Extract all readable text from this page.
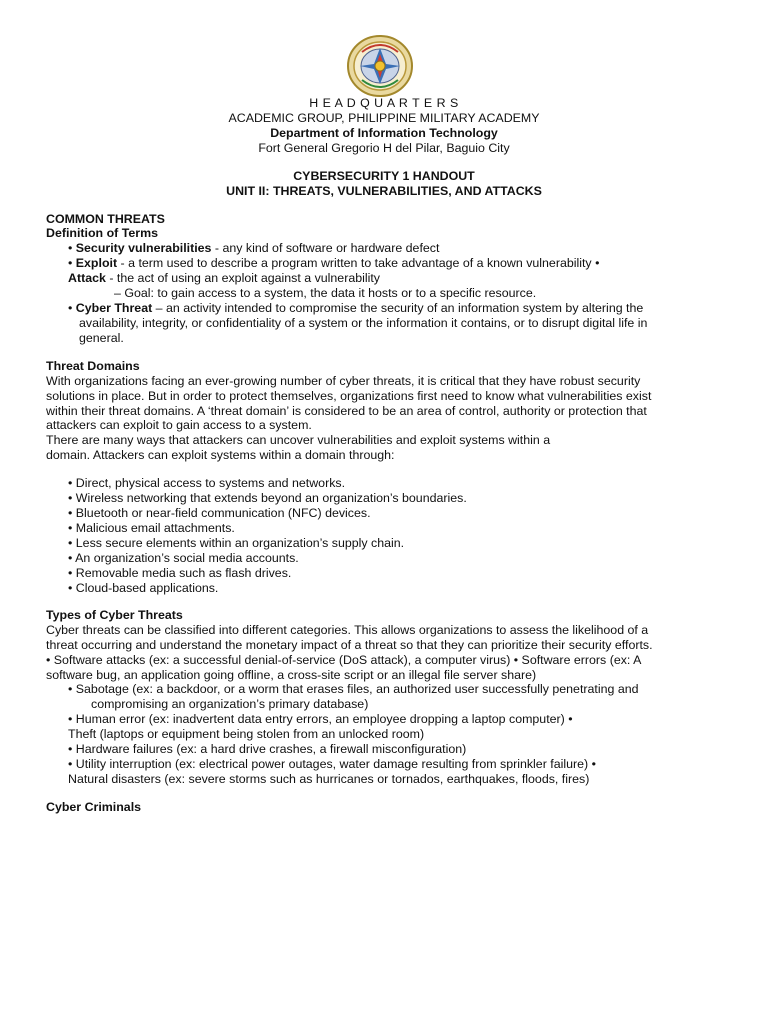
H E A D Q U A R T E R S
ACADEMIC GROUP, PHILIPPINE MILITARY ACADEMY
Department of Information Technology
Fort General Gregorio H del Pilar, Baguio City
CYBERSECURITY 1 HANDOUT
UNIT II: THREATS, VULNERABILITIES, AND ATTACKS
COMMON THREATS
Definition of Terms
• Security vulnerabilities - any kind of software or hardware defect
• Exploit - a term used to describe a program written to take advantage of a known vulnerability •
Attack - the act of using an exploit against a vulnerability
– Goal: to gain access to a system, the data it hosts or to a specific resource.
• Cyber Threat – an activity intended to compromise the security of an information system by altering the
availability, integrity, or confidentiality of a system or the information it contains, or to disrupt digital life in
general.
Threat Domains
With organizations facing an ever-growing number of cyber threats, it is critical that they have robust security
solutions in place. But in order to protect themselves, organizations first need to know what vulnerabilities exist
within their threat domains. A ‘threat domain’ is considered to be an area of control, authority or protection that
attackers can exploit to gain access to a system.
There are many ways that attackers can uncover vulnerabilities and exploit systems within a
domain. Attackers can exploit systems within a domain through:
• Direct, physical access to systems and networks.
• Wireless networking that extends beyond an organization’s boundaries.
• Bluetooth or near-field communication (NFC) devices.
• Malicious email attachments.
• Less secure elements within an organization’s supply chain.
• An organization’s social media accounts.
• Removable media such as flash drives.
• Cloud-based applications.
Types of Cyber Threats
Cyber threats can be classified into different categories. This allows organizations to assess the likelihood of a
threat occurring and understand the monetary impact of a threat so that they can prioritize their security efforts.
• Software attacks (ex: a successful denial-of-service (DoS attack), a computer virus) • Software errors (ex: A
software bug, an application going offline, a cross-site script or an illegal file server share)
• Sabotage (ex: a backdoor, or a worm that erases files, an authorized user successfully penetrating and
compromising an organization’s primary database)
• Human error (ex: inadvertent data entry errors, an employee dropping a laptop computer) •
Theft (laptops or equipment being stolen from an unlocked room)
• Hardware failures (ex: a hard drive crashes, a firewall misconfiguration)
• Utility interruption (ex: electrical power outages, water damage resulting from sprinkler failure) •
Natural disasters (ex: severe storms such as hurricanes or tornados, earthquakes, floods, fires)
Cyber Criminals
